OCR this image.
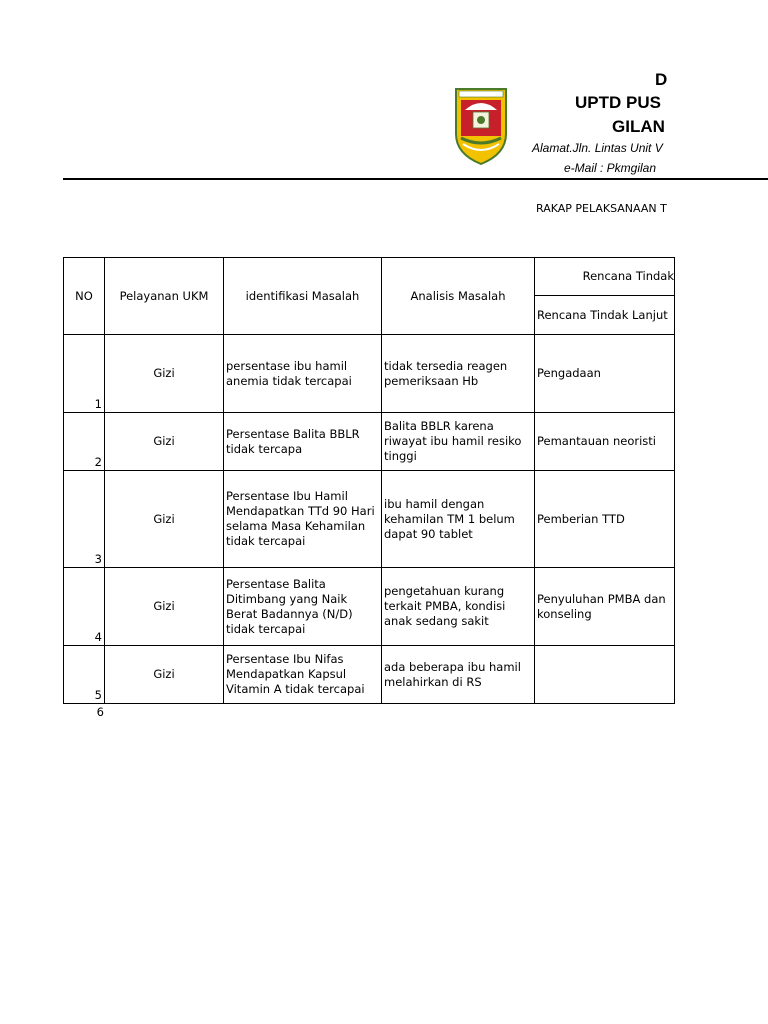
D
UPTD PUS
GILAN
Alamat.Jln. Lintas Unit V
e-Mail : Pkmgilan
RAKAP PELAKSANAAN T
NO	Pelayanan UKM	identifikasi Masalah	Analisis Masalah	Rencana Tindak
				Rencana Tindak Lanjut
1	Gizi	persentase ibu hamil anemia tidak tercapai	tidak tersedia reagen pemeriksaan Hb	Pengadaan
2	Gizi	Persentase Balita BBLR tidak tercapa	Balita BBLR karena riwayat ibu hamil resiko tinggi	Pemantauan neoristi
3	Gizi	Persentase Ibu Hamil Mendapatkan TTd 90 Hari selama Masa Kehamilan tidak tercapai	ibu hamil dengan kehamilan TM 1 belum dapat 90 tablet	Pemberian TTD
4	Gizi	Persentase Balita Ditimbang yang Naik Berat Badannya (N/D) tidak tercapai	pengetahuan kurang terkait PMBA, kondisi anak sedang sakit	Penyuluhan PMBA dan konseling
5	Gizi	Persentase Ibu Nifas Mendapatkan Kapsul Vitamin A tidak tercapai	ada beberapa ibu hamil melahirkan di RS	
6
